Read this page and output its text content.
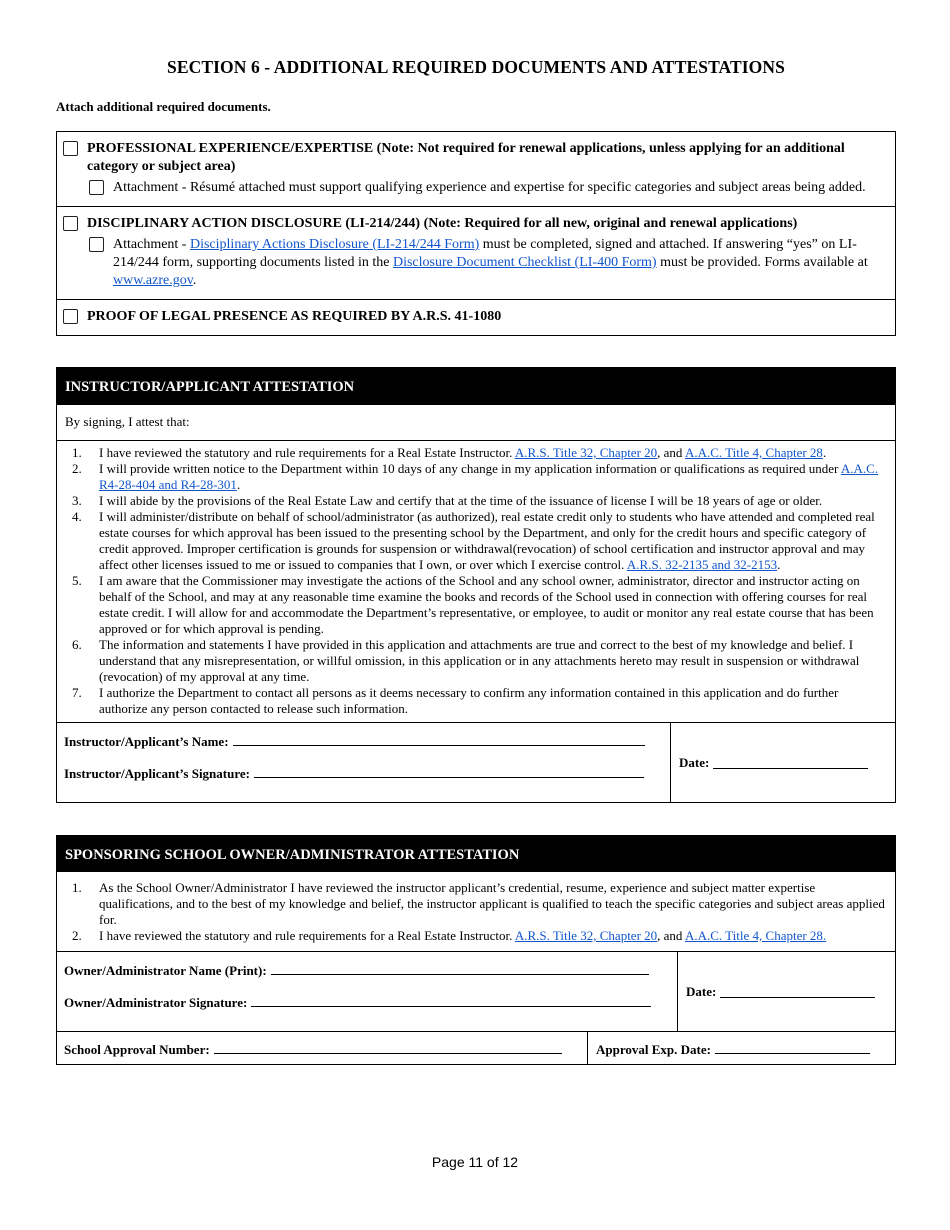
SECTION 6 - ADDITIONAL REQUIRED DOCUMENTS AND ATTESTATIONS
Attach additional required documents.
PROFESSIONAL EXPERIENCE/EXPERTISE (Note: Not required for renewal applications, unless applying for an additional category or subject area)
Attachment - Résumé attached must support qualifying experience and expertise for specific categories and subject areas being added.
DISCIPLINARY ACTION DISCLOSURE (LI-214/244) (Note: Required for all new, original and renewal applications)
Attachment - Disciplinary Actions Disclosure (LI-214/244 Form) must be completed, signed and attached. If answering “yes” on LI-214/244 form, supporting documents listed in the Disclosure Document Checklist (LI-400 Form) must be provided. Forms available at www.azre.gov.
PROOF OF LEGAL PRESENCE AS REQUIRED BY A.R.S. 41-1080
INSTRUCTOR/APPLICANT ATTESTATION
By signing, I attest that:
1.	I have reviewed the statutory and rule requirements for a Real Estate Instructor. A.R.S. Title 32, Chapter 20, and A.A.C. Title 4, Chapter 28.
2.	I will provide written notice to the Department within 10 days of any change in my application information or qualifications as required under A.A.C. R4-28-404 and R4-28-301.
3.	I will abide by the provisions of the Real Estate Law and certify that at the time of the issuance of license I will be 18 years of age or older.
4.	I will administer/distribute on behalf of school/administrator (as authorized), real estate credit only to students who have attended and completed real estate courses for which approval has been issued to the presenting school by the Department, and only for the credit hours and specific category of credit approved. Improper certification is grounds for suspension or withdrawal(revocation) of school certification and instructor approval and may affect other licenses issued to me or issued to companies that I own, or over which I exercise control. A.R.S. 32-2135 and 32-2153.
5.	I am aware that the Commissioner may investigate the actions of the School and any school owner, administrator, director and instructor acting on behalf of the School, and may at any reasonable time examine the books and records of the School used in connection with offering courses for real estate credit. I will allow for and accommodate the Department’s representative, or employee, to audit or monitor any real estate course that has been approved or for which approval is pending.
6.	The information and statements I have provided in this application and attachments are true and correct to the best of my knowledge and belief. I understand that any misrepresentation, or willful omission, in this application or in any attachments hereto may result in suspension or withdrawal (revocation) of my approval at any time.
7.	I authorize the Department to contact all persons as it deems necessary to confirm any information contained in this application and do further authorize any person contacted to release such information.
Instructor/Applicant’s Name:
Instructor/Applicant’s Signature:
Date:
SPONSORING SCHOOL OWNER/ADMINISTRATOR ATTESTATION
1.	As the School Owner/Administrator I have reviewed the instructor applicant’s credential, resume, experience and subject matter expertise qualifications, and to the best of my knowledge and belief, the instructor applicant is qualified to teach the specific categories and subject areas applied for.
2.	I have reviewed the statutory and rule requirements for a Real Estate Instructor. A.R.S. Title 32, Chapter 20, and A.A.C. Title 4, Chapter 28.
Owner/Administrator Name (Print):
Owner/Administrator Signature:
Date:
School Approval Number:	Approval Exp. Date:
Page 11 of 12
